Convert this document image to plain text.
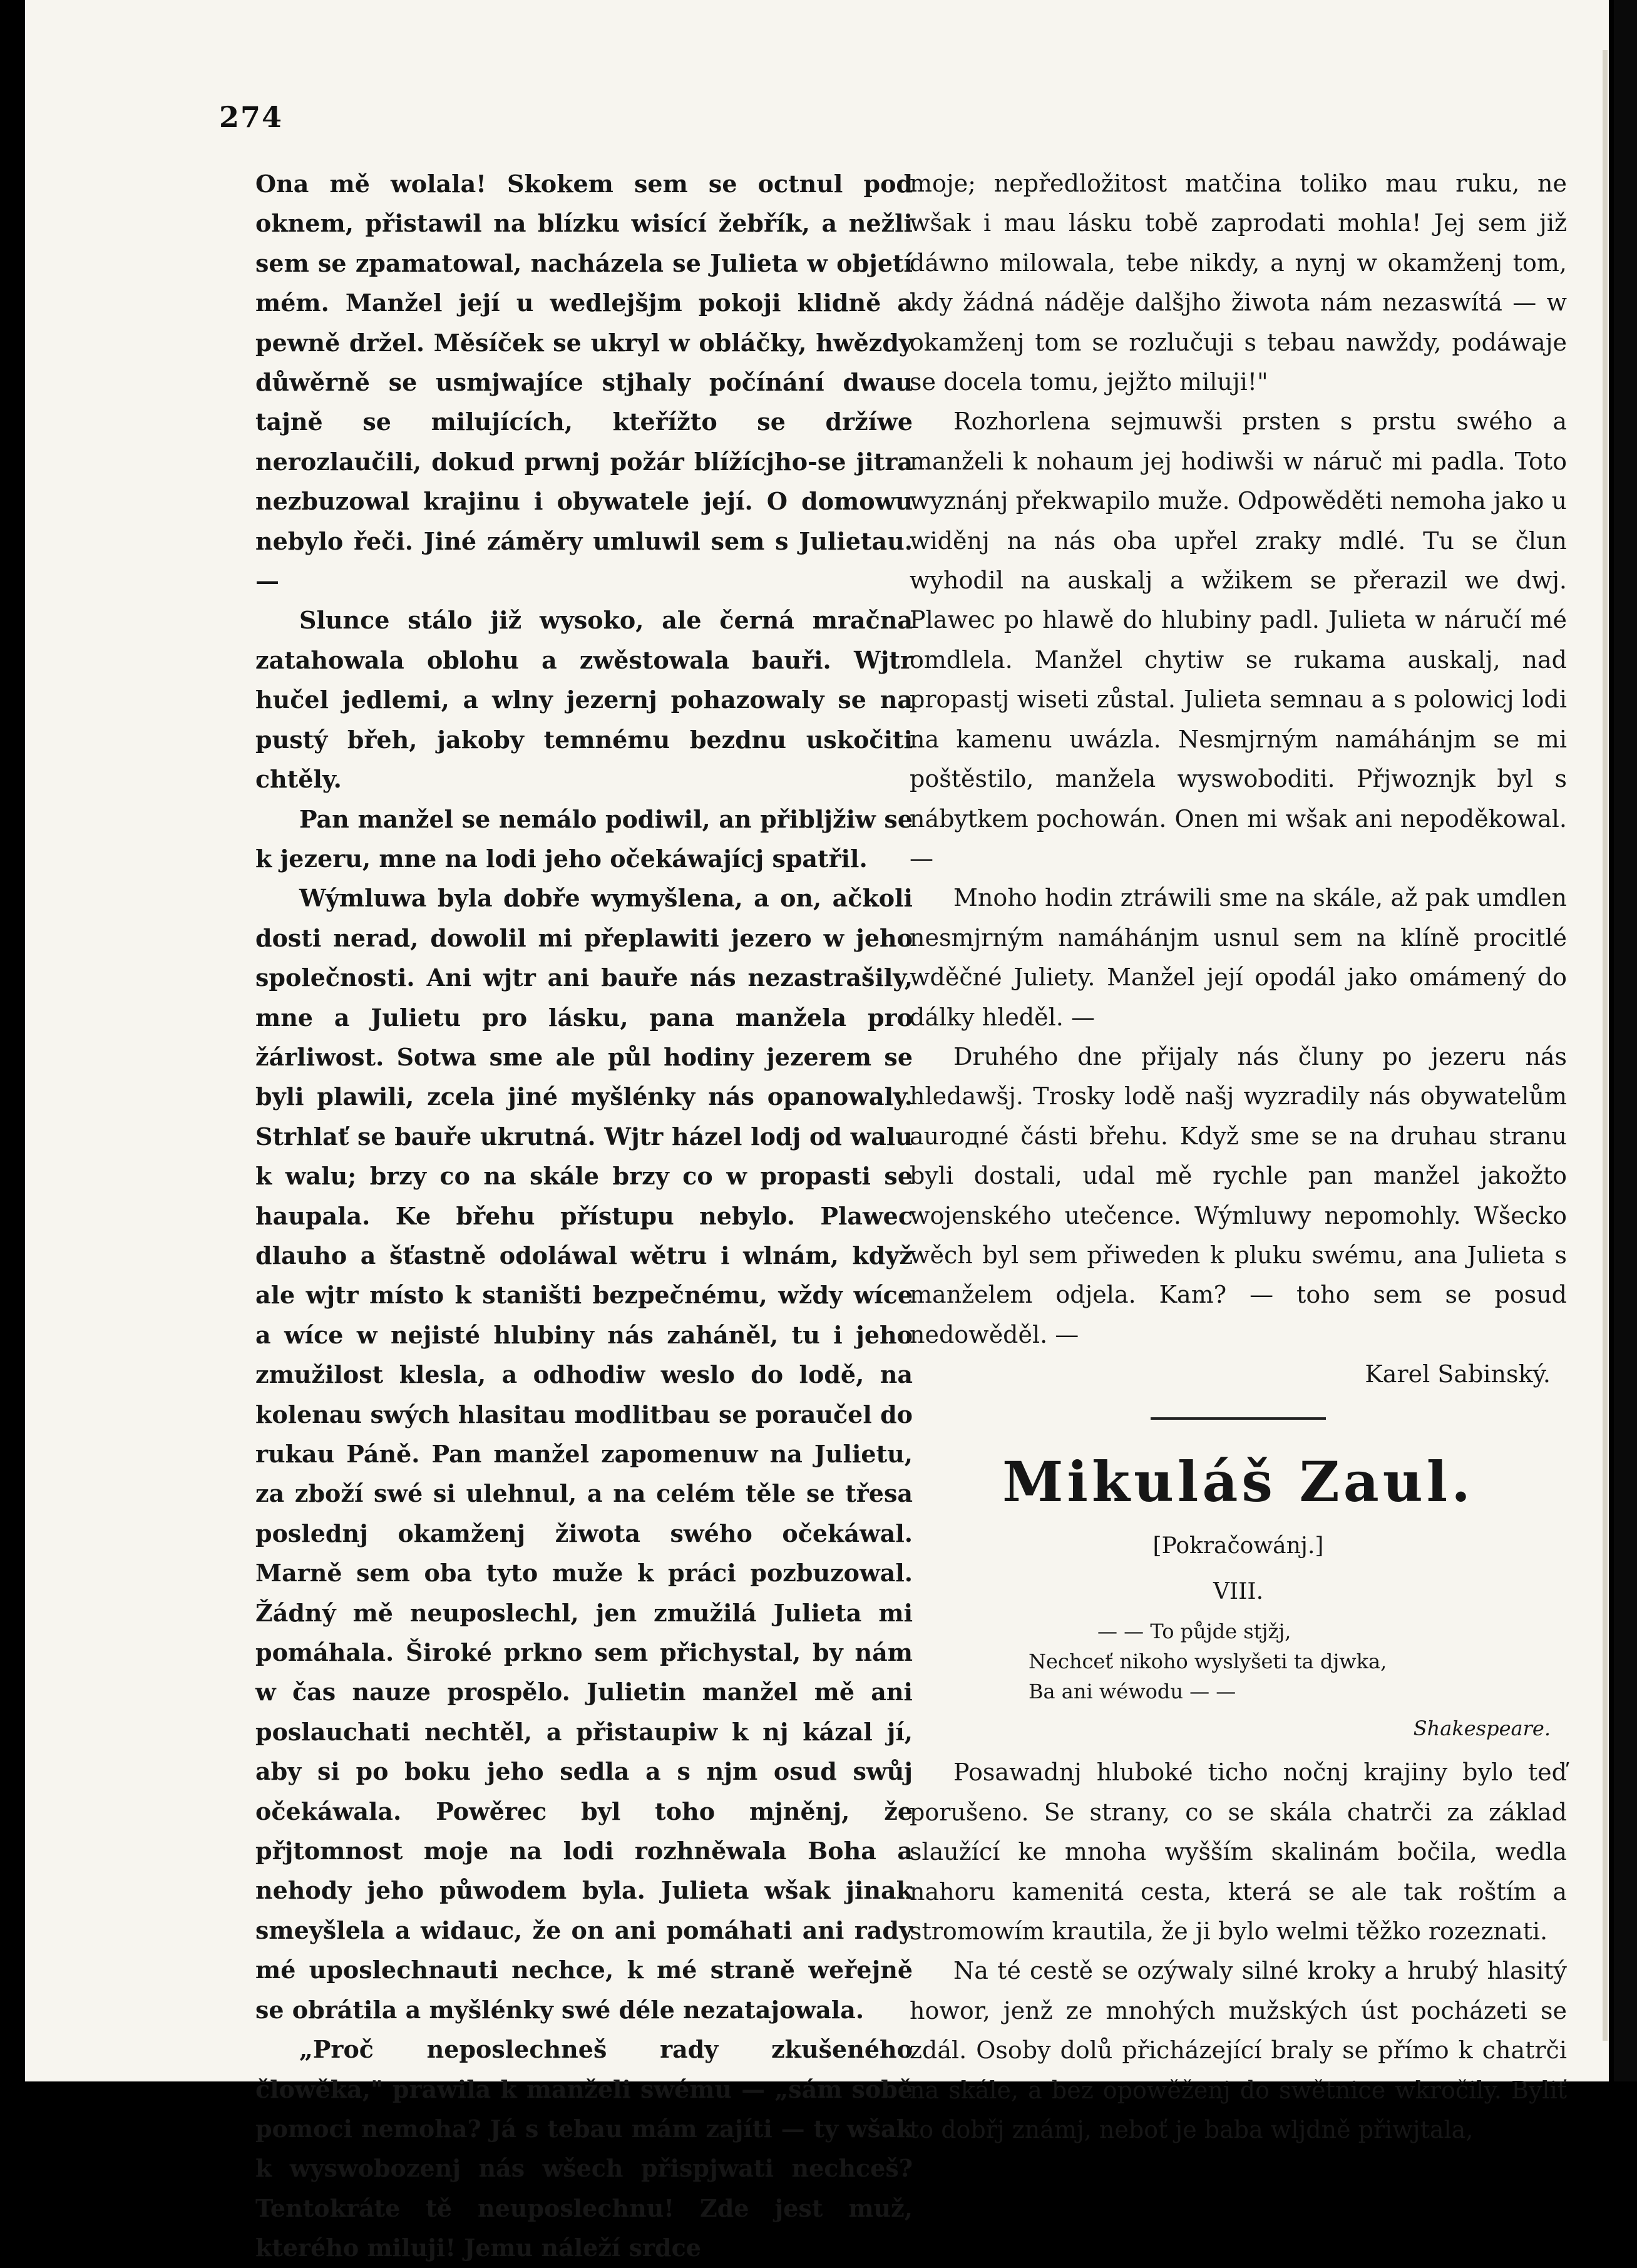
274

Ona mě wolala! Skokem sem se octnul pod oknem, přistawil na blízku wisící žebřík, a nežli sem se zpamatowal, nacházela se Julieta w objetí mém. Manžel její u wedlejšjm pokoji klidně a pewně držel. Měsíček se ukryl w obláčky, hwězdy důwěrně se usmjwajíce stjhaly počínání dwau tajně se milujících, kteřížto se držíwe nerozlaučili, dokud prwnj požár blížícjho-se jitra nezbuzowal krajinu i obywatele její. O domowu nebylo řeči. Jiné záměry umluwil sem s Julietau. —

Slunce stálo již wysoko, ale černá mračna zatahowala oblohu a zwěstowala bauři. Wjtr hučel jedlemi, a wlny jezernj pohazowaly se na pustý břeh, jakoby temnému bezdnu uskočiti chtěly.

Pan manžel se nemálo podiwil, an přibljžiw se k jezeru, mne na lodi jeho očekáwajícj spatřil.

Wýmluwa byla dobře wymyšlena, a on, ačkoli dosti nerad, dowolil mi přeplawiti jezero w jeho společnosti. Ani wjtr ani bauře nás nezastrašily, mne a Julietu pro lásku, pana manžela pro žárliwost. Sotwa sme ale půl hodiny jezerem se byli plawili, zcela jiné myšlénky nás opanowaly. Strhlať se bauře ukrutná. Wjtr házel lodj od walu k walu; brzy co na skále brzy co w propasti se haupala. Ke břehu přístupu nebylo. Plawec dlauho a šťastně odoláwal wětru i wlnám, když ale wjtr místo k staništi bezpečnému, wždy wíce a wíce w nejisté hlubiny nás zaháněl, tu i jeho zmužilost klesla, a odhodiw weslo do lodě, na kolenau swých hlasitau modlitbau se poraučel do rukau Páně. Pan manžel zapomenuw na Julietu, za zboží swé si ulehnul, a na celém těle se třesa poslednj okamženj žiwota swého očekáwal. Marně sem oba tyto muže k práci pozbuzowal. Žádný mě neuposlechl, jen zmužilá Julieta mi pomáhala. Široké prkno sem přichystal, by nám w čas nauze prospělo. Julietin manžel mě ani poslauchati nechtěl, a přistaupiw k nj kázal jí, aby si po boku jeho sedla a s njm osud swůj očekáwala. Powěrec byl toho mjněnj, že přjtomnost moje na lodi rozhněwala Boha a nehody jeho půwodem byla. Julieta wšak jinak smeyšlela a widauc, že on ani pomáhati ani rady mé uposlechnauti nechce, k mé straně weřejně se obrátila a myšlénky swé déle nezatajowala.

„Proč neposlechneš rady zkušeného člowěka," prawila k manželi swému — „sám sobě pomoci nemoha? Já s tebau mám zajíti — ty wšak k wyswobozenj nás wšech přispjwati nechceš? Tentokráte tě neuposlechnu! Zde jest muž, kterého miluji! Jemu náleží srdce

moje; nepředložitost matčina toliko mau ruku, ne wšak i mau lásku tobě zaprodati mohla! Jej sem již dáwno milowala, tebe nikdy, a nynj w okamženj tom, kdy žádná náděje dalšjho žiwota nám nezaswítá — w okamženj tom se rozlučuji s tebau nawždy, podáwaje se docela tomu, jejžto miluji!"

Rozhorlena sejmuwši prsten s prstu swého a manželi k nohaum jej hodiwši w náruč mi padla. Toto wyznánj překwapilo muže. Odpowěděti nemoha jako u widěnj na nás oba upřel zraky mdlé. Tu se člun wyhodil na auskalj a wžikem se přerazil we dwj. Plawec po hlawě do hlubiny padl. Julieta w náručí mé omdlela. Manžel chytiw se rukama auskalj, nad propastj wiseti zůstal. Julieta semnau a s polowicj lodi na kamenu uwázla. Nesmjrným namáhánjm se mi poštěstilo, manžela wyswoboditi. Přjwoznjk byl s nábytkem pochowán. Onen mi wšak ani nepoděkowal. —

Mnoho hodin ztráwili sme na skále, až pak umdlen nesmjrným namáhánjm usnul sem na klíně procitlé wděčné Juliety. Manžel její opodál jako omámený do dálky hleděl. —

Druhého dne přijaly nás čluny po jezeru nás hledawšj. Trosky lodě našj wyzradily nás obywatelům auroдné části břehu. Když sme se na druhau stranu byli dostali, udal mě rychle pan manžel jakožto wojenského utečence. Wýmluwy nepomohly. Wšecko wěch byl sem přiweden k pluku swému, ana Julieta s manželem odjela. Kam? — toho sem se posud nedowěděl. —

Karel Sabinský.

Mikuláš Zaul.
[Pokračowánj.]
VIII.
— — To půjde stjžj,
Nechceť nikoho wyslyšeti ta djwka,
Ba ani wéwodu — —
Shakespeare.

Posawadnj hluboké ticho nočnj krajiny bylo teď porušeno. Se strany, co se skála chatrči za základ slaužící ke mnoha wyšším skalinám bočila, wedla nahoru kamenitá cesta, která se ale tak roštím a stromowím krautila, že ji bylo welmi těžko rozeznati.

Na té cestě se ozýwaly silné kroky a hrubý hlasitý howor, jenž ze mnohých mužských úst pocházeti se zdál. Osoby dolů přicházející braly se přímo k chatrči na skále, a bez opowěženj do swětnice wkročily. Byliť to dobřj známj, neboť je baba wljdně přiwjtala,
